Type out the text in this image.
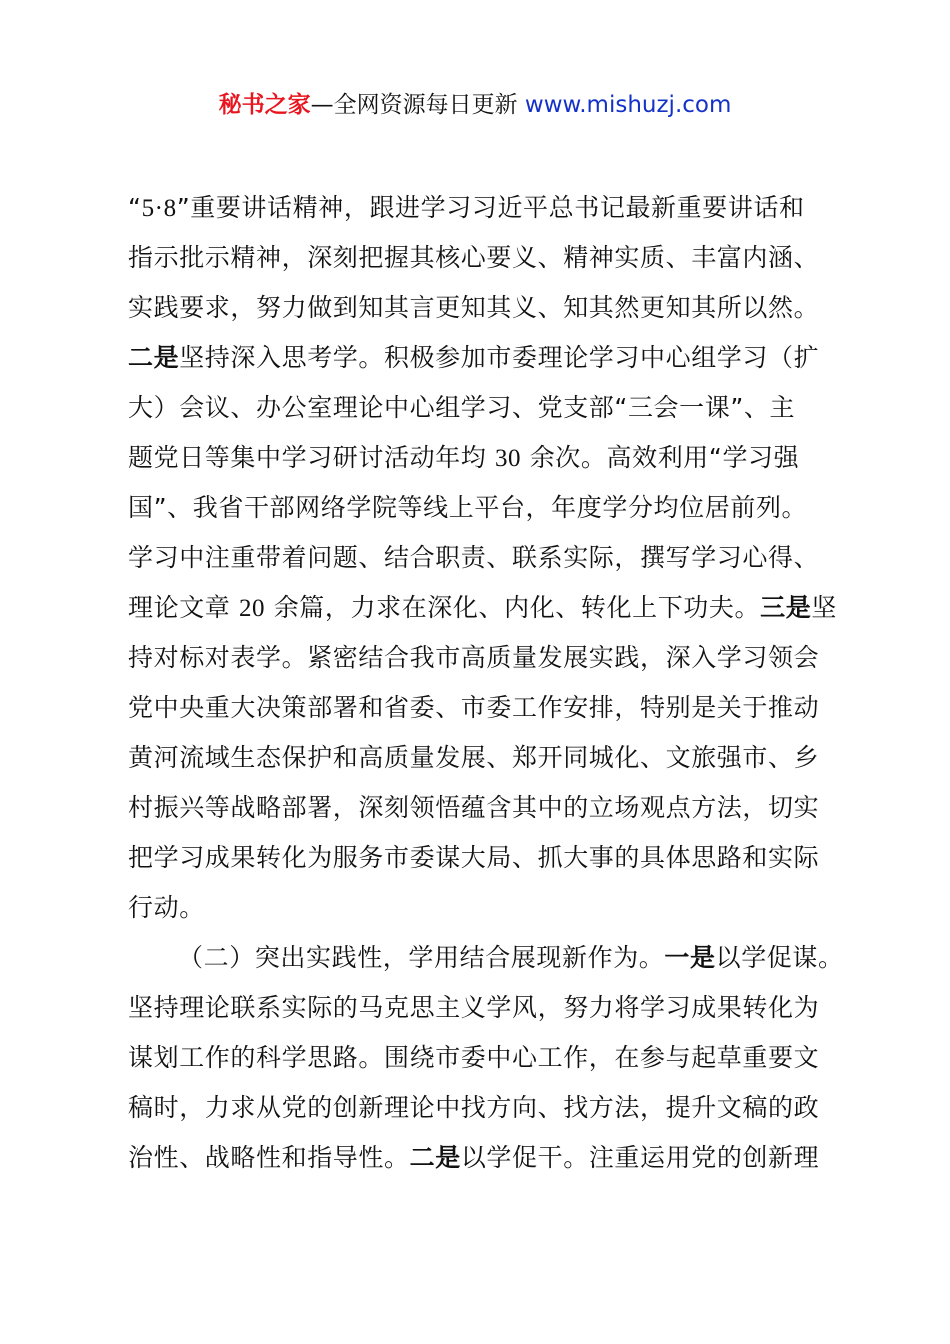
秘书之家—全网资源每日更新 www.mishuzj.com
“5·8”重要讲话精神，跟进学习习近平总书记最新重要讲话和
指示批示精神，深刻把握其核心要义、精神实质、丰富内涵、
实践要求，努力做到知其言更知其义、知其然更知其所以然。
二是坚持深入思考学。积极参加市委理论学习中心组学习（扩
大）会议、办公室理论中心组学习、党支部“三会一课”、主
题党日等集中学习研讨活动年均 30 余次。高效利用“学习强
国”、我省干部网络学院等线上平台，年度学分均位居前列。
学习中注重带着问题、结合职责、联系实际，撰写学习心得、
理论文章 20 余篇，力求在深化、内化、转化上下功夫。三是坚
持对标对表学。紧密结合我市高质量发展实践，深入学习领会
党中央重大决策部署和省委、市委工作安排，特别是关于推动
黄河流域生态保护和高质量发展、郑开同城化、文旅强市、乡
村振兴等战略部署，深刻领悟蕴含其中的立场观点方法，切实
把学习成果转化为服务市委谋大局、抓大事的具体思路和实际
行动。
（二）突出实践性，学用结合展现新作为。一是以学促谋。
坚持理论联系实际的马克思主义学风，努力将学习成果转化为
谋划工作的科学思路。围绕市委中心工作，在参与起草重要文
稿时，力求从党的创新理论中找方向、找方法，提升文稿的政
治性、战略性和指导性。二是以学促干。注重运用党的创新理
